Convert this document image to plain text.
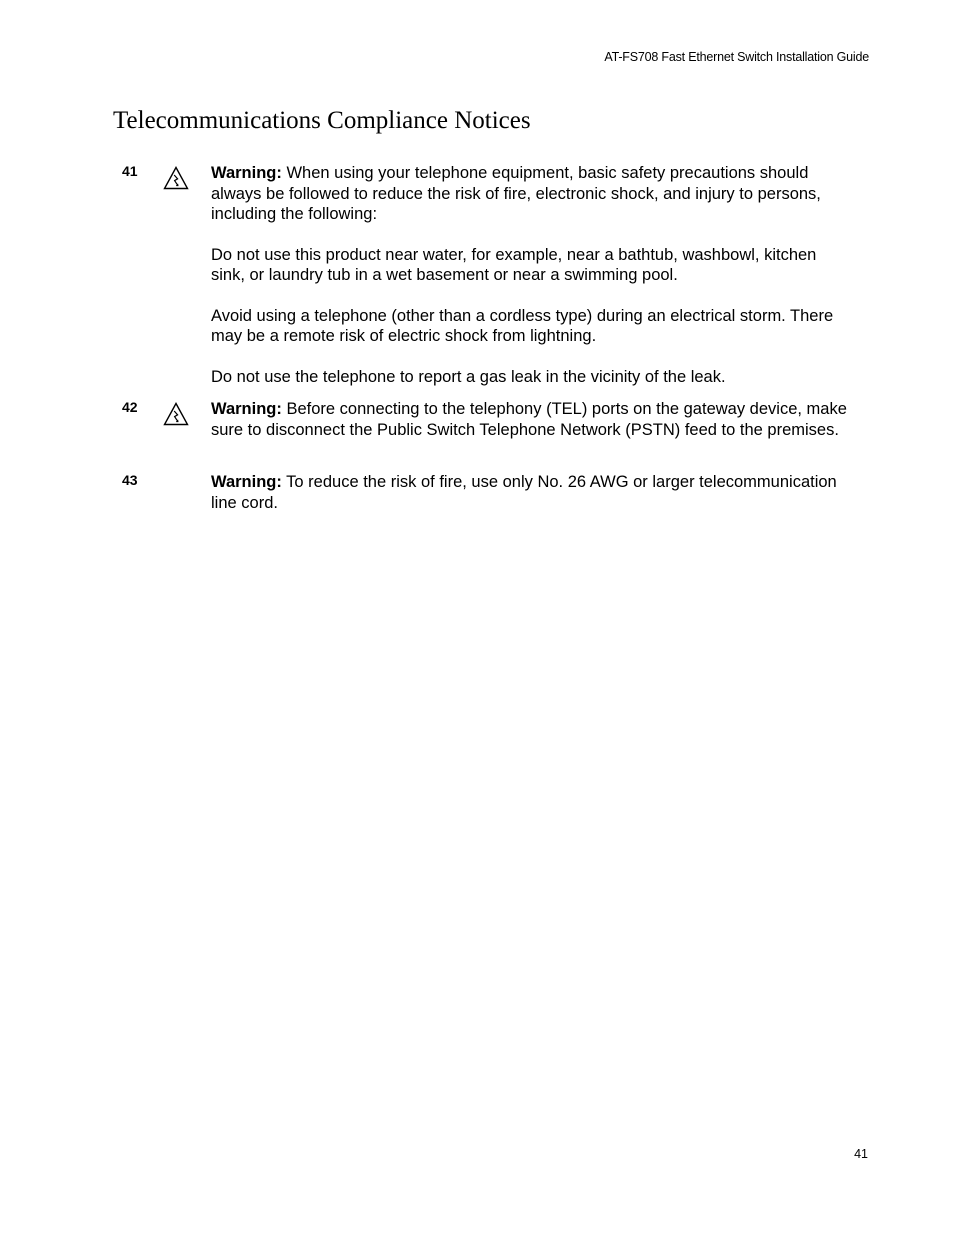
AT-FS708 Fast Ethernet Switch Installation Guide
Telecommunications Compliance Notices
41	Warning: When using your telephone equipment, basic safety precautions should always be followed to reduce the risk of fire, electronic shock, and injury to persons, including the following:

Do not use this product near water, for example, near a bathtub, washbowl, kitchen sink, or laundry tub in a wet basement or near a swimming pool.

Avoid using a telephone (other than a cordless type) during an electrical storm. There may be a remote risk of electric shock from lightning.

Do not use the telephone to report a gas leak in the vicinity of the leak.

42	Warning: Before connecting to the telephony (TEL) ports on the gateway device, make sure to disconnect the Public Switch Telephone Network (PSTN) feed to the premises.

43	Warning: To reduce the risk of fire, use only No. 26 AWG or larger telecommunication line cord.

41
